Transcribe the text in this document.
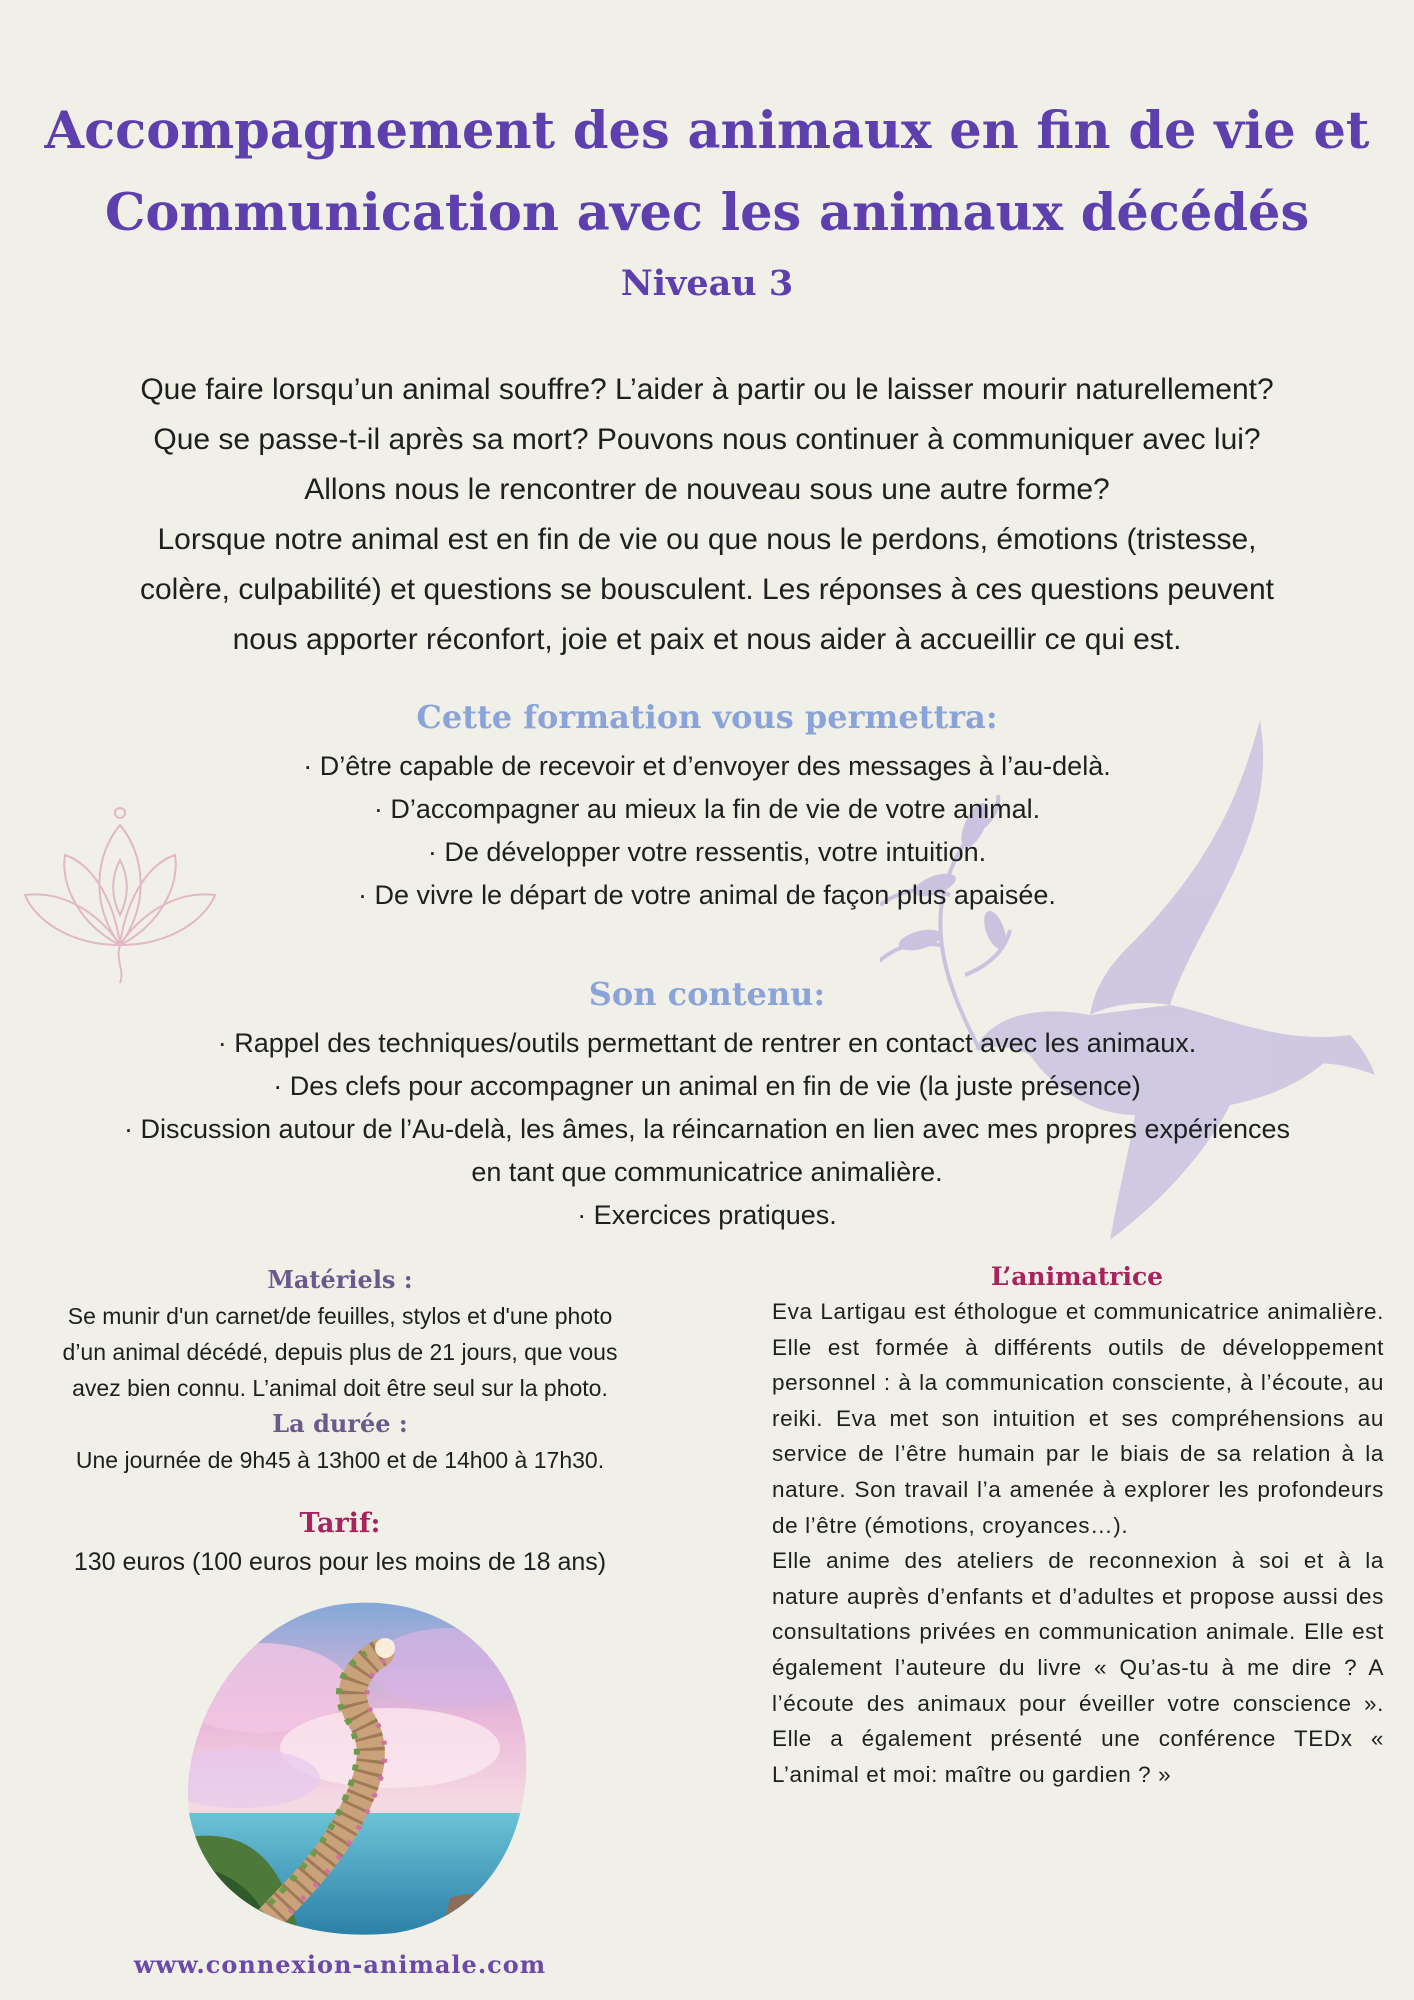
Accompagnement des animaux en fin de vie et
Communication avec les animaux décédés
Niveau 3
Que faire lorsqu’un animal souffre? L’aider à partir ou le laisser mourir naturellement?
Que se passe-t-il après sa mort? Pouvons nous continuer à communiquer avec lui?
Allons nous le rencontrer de nouveau sous une autre forme?
Lorsque notre animal est en fin de vie ou que nous le perdons, émotions (tristesse,
colère, culpabilité) et questions se bousculent. Les réponses à ces questions peuvent
nous apporter réconfort, joie et paix et nous aider à accueillir ce qui est.
Cette formation vous permettra:
· D’être capable de recevoir et d’envoyer des messages à l’au-delà.
· D’accompagner au mieux la fin de vie de votre animal.
· De développer votre ressentis, votre intuition.
· De vivre le départ de votre animal de façon plus apaisée.
Son contenu:
· Rappel des techniques/outils permettant de rentrer en contact avec les animaux.
· Des clefs pour accompagner un animal en fin de vie (la juste présence)
· Discussion autour de l’Au-delà, les âmes, la réincarnation en lien avec mes propres expériences
en tant que communicatrice animalière.
· Exercices pratiques.
Matériels :

Se munir d'un carnet/de feuilles, stylos et d'une photo

d’un animal décédé, depuis plus de 21 jours, que vous

avez bien connu. L’animal doit être seul sur la photo.

La durée :

Une journée de 9h45 à 13h00 et de 14h00 à 17h30.

Tarif:
130 euros (100 euros pour les moins de 18 ans)
www.connexion-animale.com
L’animatrice

Eva Lartigau est éthologue et communicatrice animalière. Elle est formée à différents outils de développement personnel : à la communication consciente, à l’écoute, au reiki. Eva met son intuition et ses compréhensions au service de l’être humain par le biais de sa relation à la nature. Son travail l’a amenée à explorer les profondeurs de l’être (émotions, croyances…).

Elle anime des ateliers de reconnexion à soi et à la nature auprès d’enfants et d’adultes et propose aussi des consultations privées en communication animale. Elle est également l’auteure du livre « Qu’as-tu à me dire ? A l’écoute des animaux pour éveiller votre conscience ». Elle a également présenté une conférence TEDx « L’animal et moi: maître ou gardien ? »
